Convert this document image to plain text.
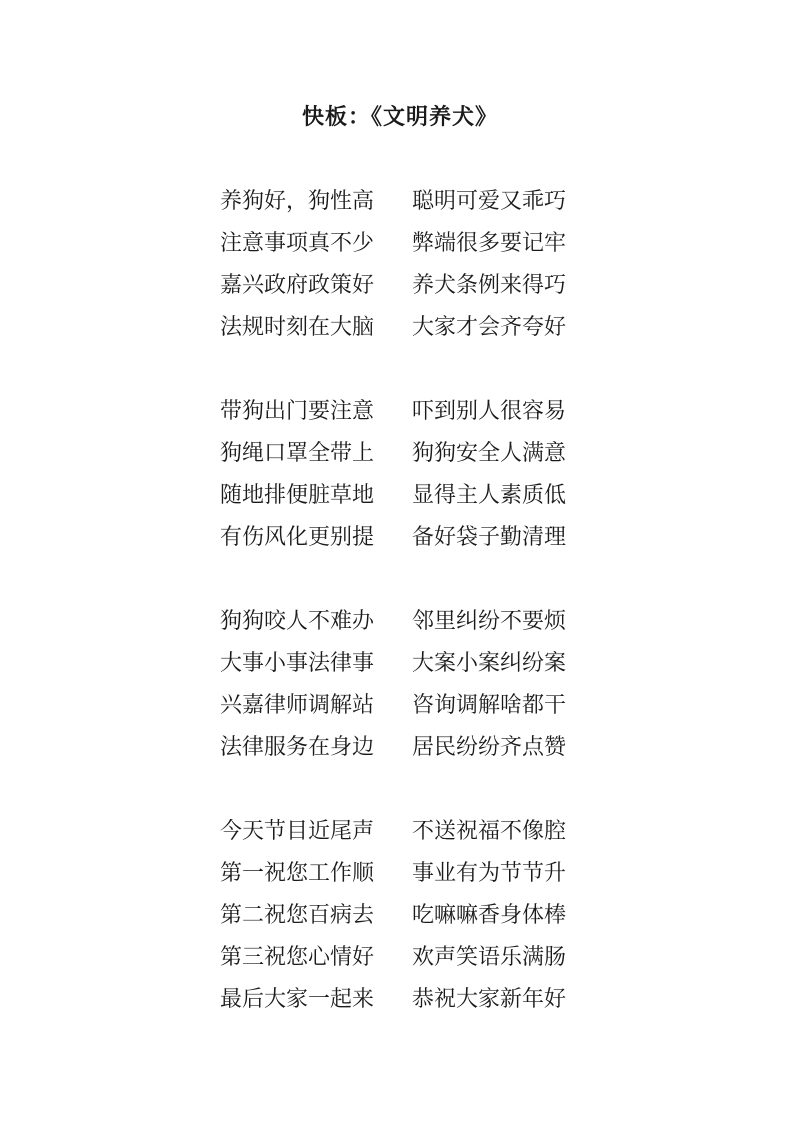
快板：《文明养犬》
养狗好，狗性高	聪明可爱又乖巧
注意事项真不少	弊端很多要记牢
嘉兴政府政策好	养犬条例来得巧
法规时刻在大脑	大家才会齐夸好
带狗出门要注意	吓到别人很容易
狗绳口罩全带上	狗狗安全人满意
随地排便脏草地	显得主人素质低
有伤风化更别提	备好袋子勤清理
狗狗咬人不难办	邻里纠纷不要烦
大事小事法律事	大案小案纠纷案
兴嘉律师调解站	咨询调解啥都干
法律服务在身边	居民纷纷齐点赞
今天节目近尾声	不送祝福不像腔
第一祝您工作顺	事业有为节节升
第二祝您百病去	吃嘛嘛香身体棒
第三祝您心情好	欢声笑语乐满肠
最后大家一起来	恭祝大家新年好
